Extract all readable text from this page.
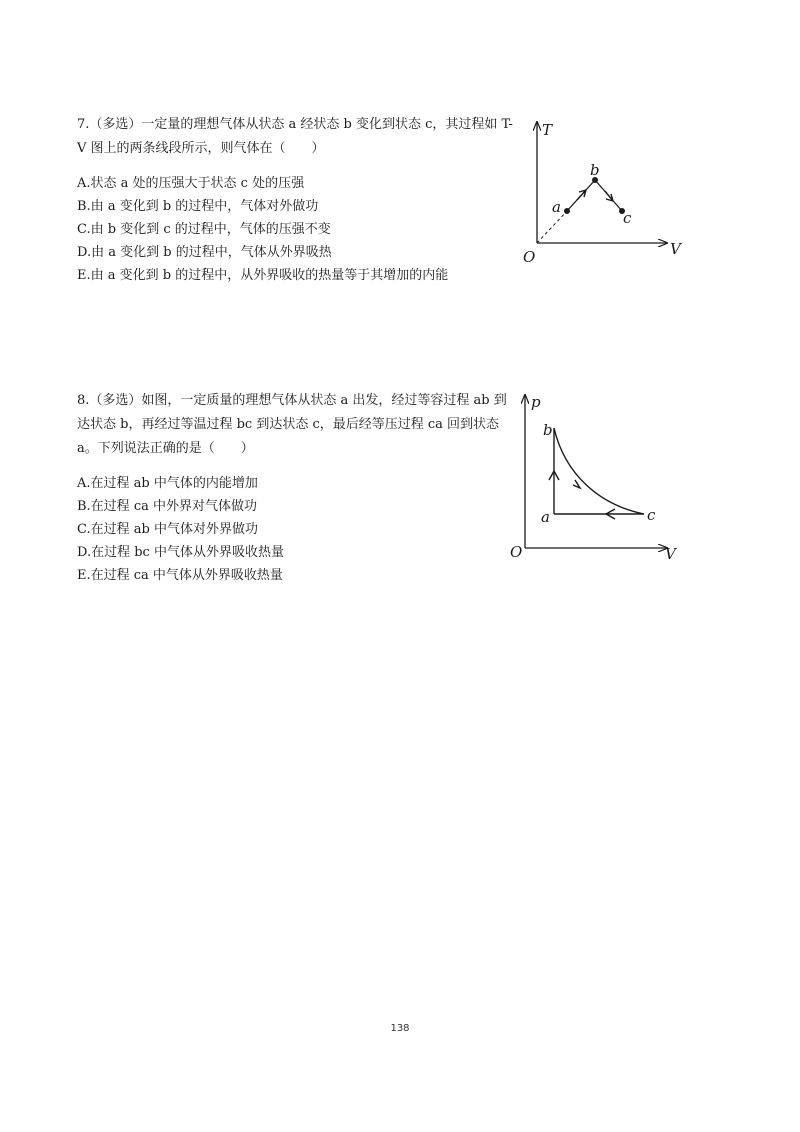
7.（多选）一定量的理想气体从状态 a 经状态 b 变化到状态 c，其过程如 T-V 图上的两条线段所示，则气体在（　　）

A.状态 a 处的压强大于状态 c 处的压强
B.由 a 变化到 b 的过程中，气体对外做功
C.由 b 变化到 c 的过程中，气体的压强不变
D.由 a 变化到 b 的过程中，气体从外界吸热
E.由 a 变化到 b 的过程中，从外界吸收的热量等于其增加的内能
T
V
O
a
b
c

8.（多选）如图，一定质量的理想气体从状态 a 出发，经过等容过程 ab 到达状态 b，再经过等温过程 bc 到达状态 c，最后经等压过程 ca 回到状态 a。下列说法正确的是（　　）

A.在过程 ab 中气体的内能增加
B.在过程 ca 中外界对气体做功
C.在过程 ab 中气体对外界做功
D.在过程 bc 中气体从外界吸收热量
E.在过程 ca 中气体从外界吸收热量
p
V
O
a
b
c
138
